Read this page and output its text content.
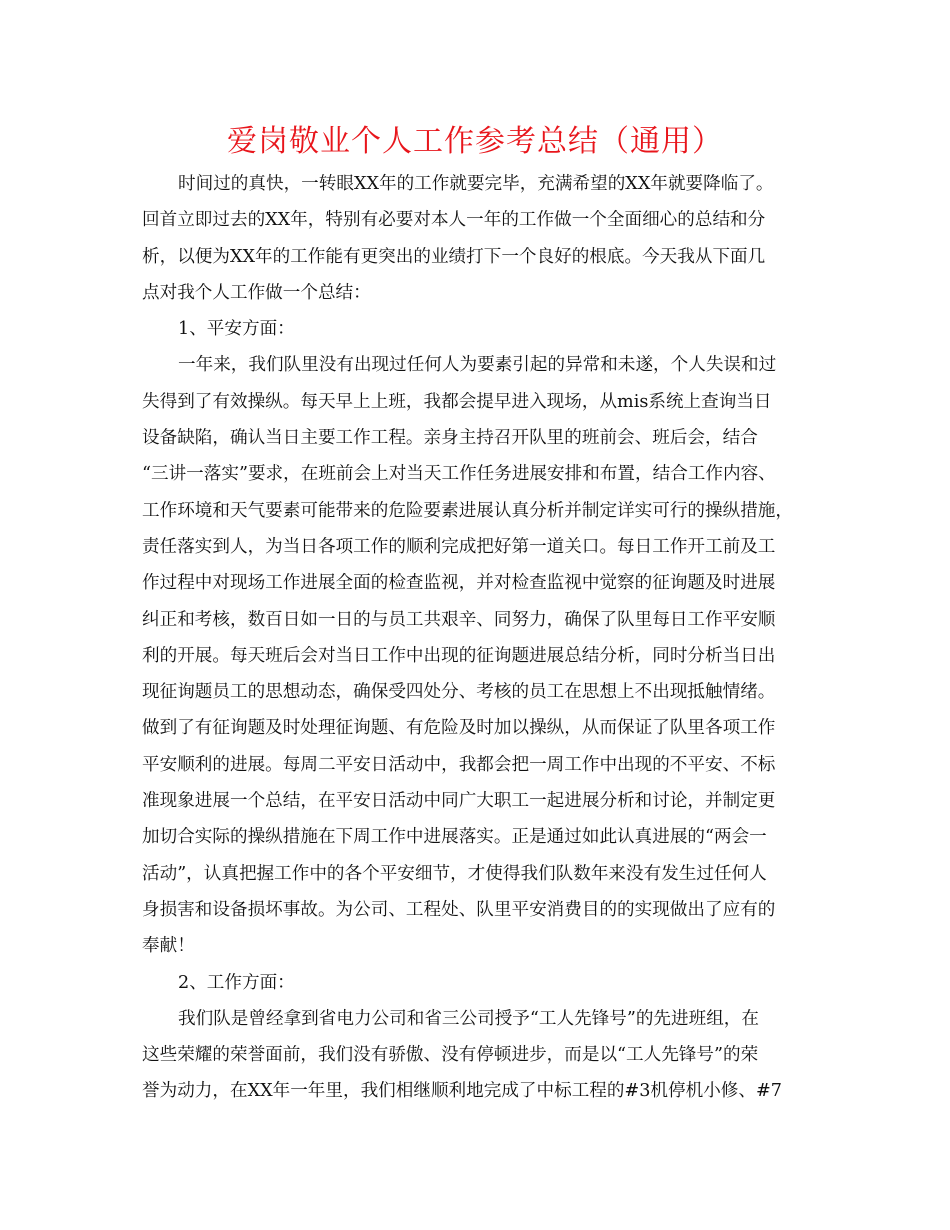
爱岗敬业个人工作参考总结（通用）
时间过的真快，一转眼XX年的工作就要完毕，充满希望的XX年就要降临了。
回首立即过去的XX年，特别有必要对本人一年的工作做一个全面细心的总结和分
析，以便为XX年的工作能有更突出的业绩打下一个良好的根底。今天我从下面几
点对我个人工作做一个总结：
1、平安方面：
一年来，我们队里没有出现过任何人为要素引起的异常和未遂，个人失误和过
失得到了有效操纵。每天早上上班，我都会提早进入现场，从mis系统上查询当日
设备缺陷，确认当日主要工作工程。亲身主持召开队里的班前会、班后会，结合
“三讲一落实”要求，在班前会上对当天工作任务进展安排和布置，结合工作内容、
工作环境和天气要素可能带来的危险要素进展认真分析并制定详实可行的操纵措施，
责任落实到人，为当日各项工作的顺利完成把好第一道关口。每日工作开工前及工
作过程中对现场工作进展全面的检查监视，并对检查监视中觉察的征询题及时进展
纠正和考核，数百日如一日的与员工共艰辛、同努力，确保了队里每日工作平安顺
利的开展。每天班后会对当日工作中出现的征询题进展总结分析，同时分析当日出
现征询题员工的思想动态，确保受四处分、考核的员工在思想上不出现抵触情绪。
做到了有征询题及时处理征询题、有危险及时加以操纵，从而保证了队里各项工作
平安顺利的进展。每周二平安日活动中，我都会把一周工作中出现的不平安、不标
准现象进展一个总结，在平安日活动中同广大职工一起进展分析和讨论，并制定更
加切合实际的操纵措施在下周工作中进展落实。正是通过如此认真进展的“两会一
活动”，认真把握工作中的各个平安细节，才使得我们队数年来没有发生过任何人
身损害和设备损坏事故。为公司、工程处、队里平安消费目的的实现做出了应有的
奉献！
2、工作方面：
我们队是曾经拿到省电力公司和省三公司授予“工人先锋号”的先进班组，在
这些荣耀的荣誉面前，我们没有骄傲、没有停顿进步，而是以“工人先锋号”的荣
誉为动力，在XX年一年里，我们相继顺利地完成了中标工程的#3机停机小修、#7
